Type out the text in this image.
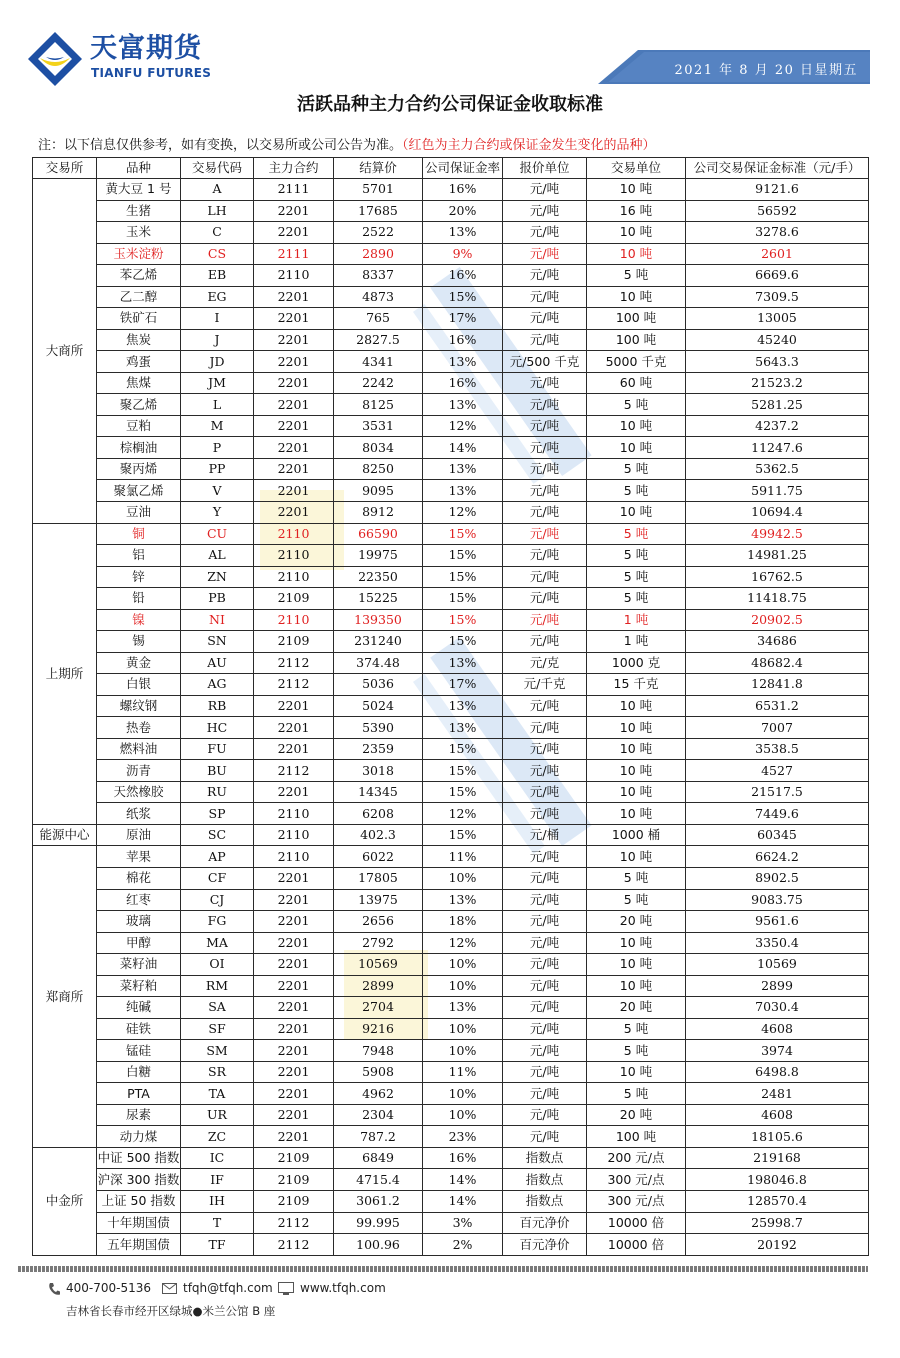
天富期货
TIANFU FUTURES	2021 年 8 月 20 日星期五
活跃品种主力合约公司保证金收取标准
注：以下信息仅供参考，如有变换，以交易所或公司公告为准。（红色为主力合约或保证金发生变化的品种）
交易所	品种	交易代码	主力合约	结算价	公司保证金率	报价单位	交易单位	公司交易保证金标准（元/手）
大商所	黄大豆 1 号	A	2111	5701	16%	元/吨	10 吨	9121.6
	生猪	LH	2201	17685	20%	元/吨	16 吨	56592
	玉米	C	2201	2522	13%	元/吨	10 吨	3278.6
	玉米淀粉	CS	2111	2890	9%	元/吨	10 吨	2601
	苯乙烯	EB	2110	8337	16%	元/吨	5 吨	6669.6
	乙二醇	EG	2201	4873	15%	元/吨	10 吨	7309.5
	铁矿石	I	2201	765	17%	元/吨	100 吨	13005
	焦炭	J	2201	2827.5	16%	元/吨	100 吨	45240
	鸡蛋	JD	2201	4341	13%	元/500 千克	5000 千克	5643.3
	焦煤	JM	2201	2242	16%	元/吨	60 吨	21523.2
	聚乙烯	L	2201	8125	13%	元/吨	5 吨	5281.25
	豆粕	M	2201	3531	12%	元/吨	10 吨	4237.2
	棕榈油	P	2201	8034	14%	元/吨	10 吨	11247.6
	聚丙烯	PP	2201	8250	13%	元/吨	5 吨	5362.5
	聚氯乙烯	V	2201	9095	13%	元/吨	5 吨	5911.75
	豆油	Y	2201	8912	12%	元/吨	10 吨	10694.4
上期所	铜	CU	2110	66590	15%	元/吨	5 吨	49942.5
	铝	AL	2110	19975	15%	元/吨	5 吨	14981.25
	锌	ZN	2110	22350	15%	元/吨	5 吨	16762.5
	铅	PB	2109	15225	15%	元/吨	5 吨	11418.75
	镍	NI	2110	139350	15%	元/吨	1 吨	20902.5
	锡	SN	2109	231240	15%	元/吨	1 吨	34686
	黄金	AU	2112	374.48	13%	元/克	1000 克	48682.4
	白银	AG	2112	5036	17%	元/千克	15 千克	12841.8
	螺纹钢	RB	2201	5024	13%	元/吨	10 吨	6531.2
	热卷	HC	2201	5390	13%	元/吨	10 吨	7007
	燃料油	FU	2201	2359	15%	元/吨	10 吨	3538.5
	沥青	BU	2112	3018	15%	元/吨	10 吨	4527
	天然橡胶	RU	2201	14345	15%	元/吨	10 吨	21517.5
	纸浆	SP	2110	6208	12%	元/吨	10 吨	7449.6
能源中心	原油	SC	2110	402.3	15%	元/桶	1000 桶	60345
郑商所	苹果	AP	2110	6022	11%	元/吨	10 吨	6624.2
	棉花	CF	2201	17805	10%	元/吨	5 吨	8902.5
	红枣	CJ	2201	13975	13%	元/吨	5 吨	9083.75
	玻璃	FG	2201	2656	18%	元/吨	20 吨	9561.6
	甲醇	MA	2201	2792	12%	元/吨	10 吨	3350.4
	菜籽油	OI	2201	10569	10%	元/吨	10 吨	10569
	菜籽粕	RM	2201	2899	10%	元/吨	10 吨	2899
	纯碱	SA	2201	2704	13%	元/吨	20 吨	7030.4
	硅铁	SF	2201	9216	10%	元/吨	5 吨	4608
	锰硅	SM	2201	7948	10%	元/吨	5 吨	3974
	白糖	SR	2201	5908	11%	元/吨	10 吨	6498.8
	PTA	TA	2201	4962	10%	元/吨	5 吨	2481
	尿素	UR	2201	2304	10%	元/吨	20 吨	4608
	动力煤	ZC	2201	787.2	23%	元/吨	100 吨	18105.6
中金所	中证 500 指数	IC	2109	6849	16%	指数点	200 元/点	219168
	沪深 300 指数	IF	2109	4715.4	14%	指数点	300 元/点	198046.8
	上证 50 指数	IH	2109	3061.2	14%	指数点	300 元/点	128570.4
	十年期国债	T	2112	99.995	3%	百元净价	10000 倍	25998.7
	五年期国债	TF	2112	100.96	2%	百元净价	10000 倍	20192
400-700-5136	tfqh@tfqh.com	www.tfqh.com
吉林省长春市经开区绿城●米兰公馆 B 座
